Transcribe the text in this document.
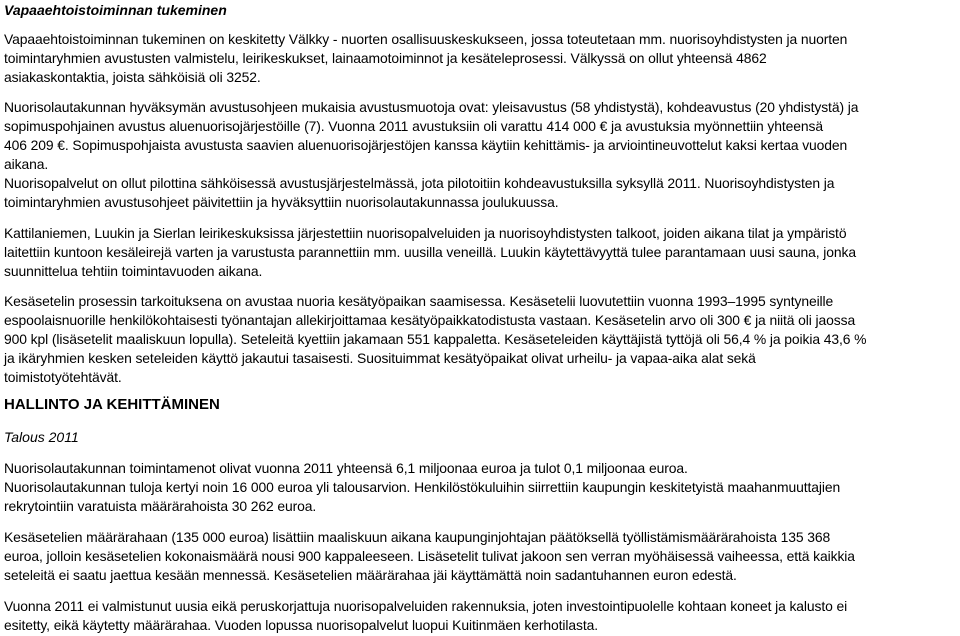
Vapaaehtoistoiminnan tukeminen
Vapaaehtoistoiminnan tukeminen on keskitetty Välkky - nuorten osallisuuskeskukseen, jossa toteutetaan mm. nuorisoyhdistysten ja nuorten
toimintaryhmien avustusten valmistelu, leirikeskukset, lainaamotoiminnot ja kesäteleprosessi. Välkyssä on ollut yhteensä 4862
asiakaskontaktia, joista sähköisiä oli 3252.
Nuorisolautakunnan hyväksymän avustusohjeen mukaisia avustusmuotoja ovat: yleisavustus (58 yhdistystä), kohdeavustus (20 yhdistystä) ja
sopimuspohjainen avustus aluenuorisojärjestöille (7). Vuonna 2011 avustuksiin oli varattu 414 000 € ja avustuksia myönnettiin yhteensä
406 209 €. Sopimuspohjaista avustusta saavien aluenuorisojärjestöjen kanssa käytiin kehittämis- ja arviointineuvottelut kaksi kertaa vuoden
aikana.
Nuorisopalvelut on ollut pilottina sähköisessä avustusjärjestelmässä, jota pilotoitiin kohdeavustuksilla syksyllä 2011. Nuorisoyhdistysten ja
toimintaryhmien avustusohjeet päivitettiin ja hyväksyttiin nuorisolautakunnassa joulukuussa.
Kattilaniemen, Luukin ja Sierlan leirikeskuksissa järjestettiin nuorisopalveluiden ja nuorisoyhdistysten talkoot, joiden aikana tilat ja ympäristö
laitettiin kuntoon kesäleirejä varten ja varustusta parannettiin mm. uusilla veneillä. Luukin käytettävyyttä tulee parantamaan uusi sauna, jonka
suunnittelua tehtiin toimintavuoden aikana.
Kesäsetelin prosessin tarkoituksena on avustaa nuoria kesätyöpaikan saamisessa. Kesäsetelii luovutettiin vuonna 1993–1995 syntyneille
espoolaisnuorille henkilökohtaisesti työnantajan allekirjoittamaa kesätyöpaikkatodistusta vastaan. Kesäsetelin arvo oli 300 € ja niitä oli jaossa
900 kpl (lisäsetelit maaliskuun lopulla). Seteleitä kyettiin jakamaan 551 kappaletta. Kesäseteleiden käyttäjistä tyttöjä oli 56,4 % ja poikia 43,6 %
ja ikäryhmien kesken seteleiden käyttö jakautui tasaisesti. Suosituimmat kesätyöpaikat olivat urheilu- ja vapaa-aika alat sekä
toimistotyötehtävät.
HALLINTO JA KEHITTÄMINEN
Talous 2011
Nuorisolautakunnan toimintamenot olivat vuonna 2011 yhteensä 6,1 miljoonaa euroa ja tulot 0,1 miljoonaa euroa.
Nuorisolautakunnan tuloja kertyi noin 16 000 euroa yli talousarvion. Henkilöstökuluihin siirrettiin kaupungin keskitetyistä maahanmuuttajien
rekrytointiin varatuista määrärahoista 30 262 euroa.
Kesäsetelien määrärahaan (135 000 euroa) lisättiin maaliskuun aikana kaupunginjohtajan päätöksellä työllistämismäärärahoista 135 368
euroa, jolloin kesäsetelien kokonaismäärä nousi 900 kappaleeseen. Lisäsetelit tulivat jakoon sen verran myöhäisessä vaiheessa, että kaikkia
seteleitä ei saatu jaettua kesään mennessä. Kesäsetelien määrärahaa jäi käyttämättä noin sadantuhannen euron edestä.
Vuonna 2011 ei valmistunut uusia eikä peruskorjattuja nuorisopalveluiden rakennuksia, joten investointipuolelle kohtaan koneet ja kalusto ei
esitetty, eikä käytetty määrärahaa. Vuoden lopussa nuorisopalvelut luopui Kuitinmäen kerhotilasta.
